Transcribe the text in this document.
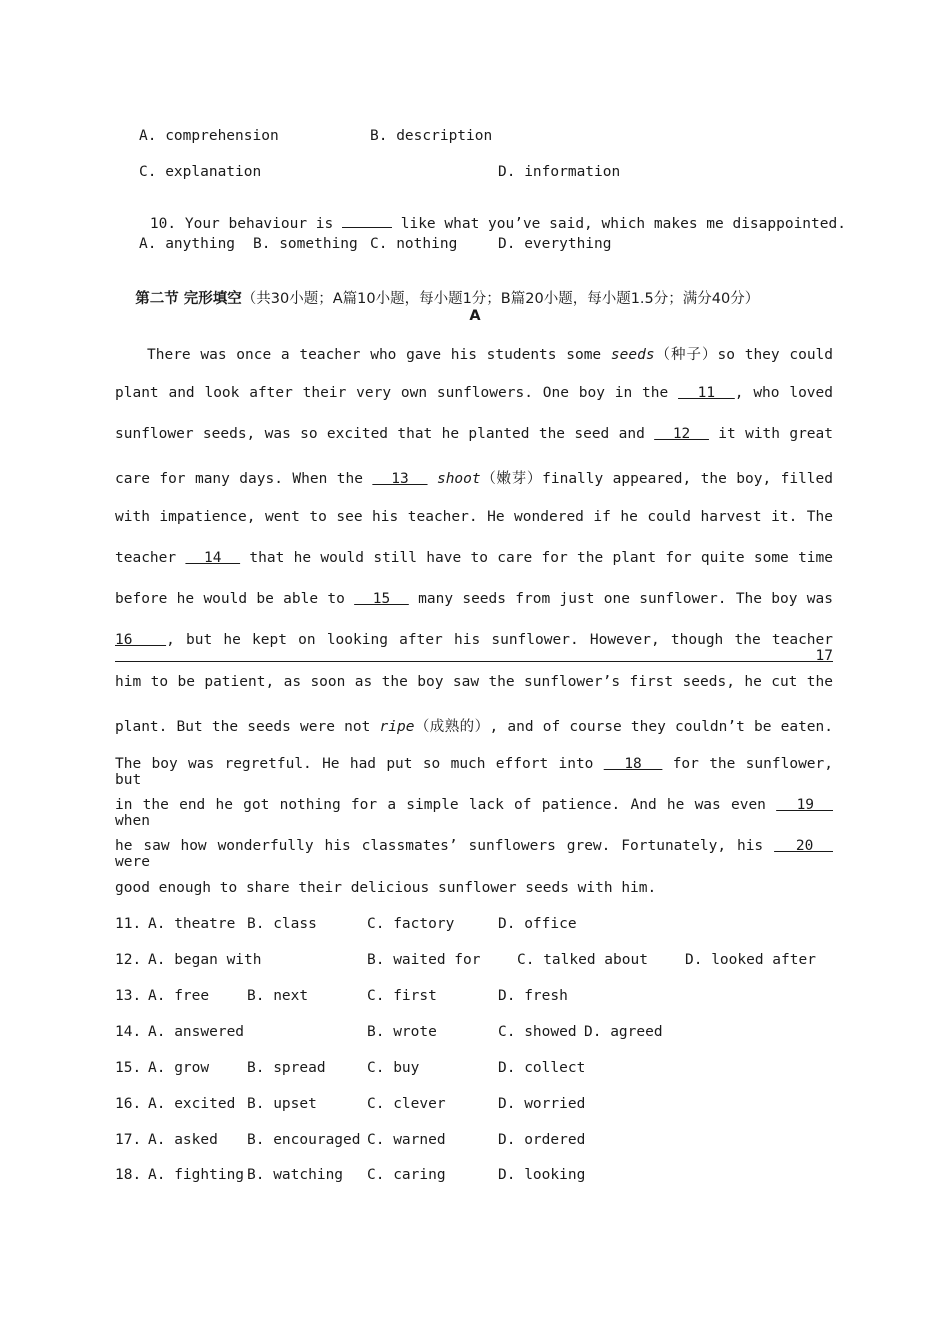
A. comprehension	B. description
C. explanation	D. information

10. Your behaviour is	like what you’ve said, which makes me disappointed.

A. anything B. something C. nothing	D. everything

第二节 完形填空（共30小题；A篇10小题，每小题1分；B篇20小题，每小题1.5分；满分40分）

A
There was once a teacher who gave his students some seeds（种子）so they could
plant and look after their very own sunflowers. One boy in the   11  , who loved
sunflower seeds, was so excited that he planted the seed and   12   it with great
care for many days. When the   13   shoot（嫩芽）finally appeared, the boy, filled
with impatience, went to see his teacher. He wondered if he could harvest it. The
teacher   14   that he would still have to care for the plant for quite some time
before he would be able to   15   many seeds from just one sunflower. The boy was
16   , but he kept on looking after his sunflower. However, though the teacher   17
him to be patient, as soon as the boy saw the sunflower’s first seeds, he cut the
plant. But the seeds were not ripe（成熟的）, and of course they couldn’t be eaten.
The boy was regretful. He had put so much effort into   18   for the sunflower, but
in the end he got nothing for a simple lack of patience. And he was even   19   when
he saw how wonderfully his classmates’ sunflowers grew. Fortunately, his   20   were
good enough to share their delicious sunflower seeds with him.
11. A. theatre B. class	C. factory	D. office
12. A. began with	B. waited for	C. talked about	D. looked after
13. A. free	B. next	C. first	D. fresh
14. A. answered	B. wrote	C. showed D. agreed
15. A. grow	B. spread	C. buy	D. collect
16. A. excited B. upset	C. clever	D. worried
17. A. asked B. encouraged C. warned	D. ordered
18. A. fighting B. watching C. caring	D. looking
